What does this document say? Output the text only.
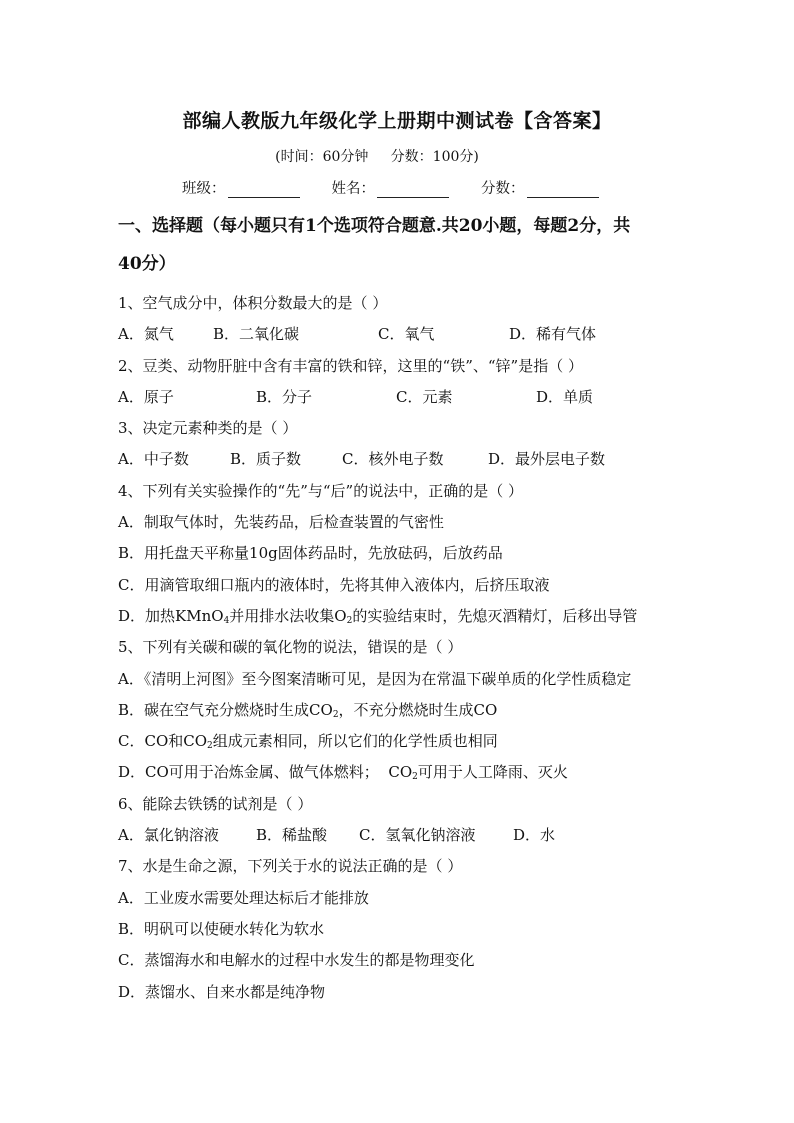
部编人教版九年级化学上册期中测试卷【含答案】
(时间：60分钟     分数：100分)
班级：	姓名：	分数：
一、选择题（每小题只有1个选项符合题意.共20小题，每题2分，共
40分）
1、空气成分中，体积分数最大的是（ ）
A．氮气	B．二氧化碳	C．氧气	D．稀有气体
2、豆类、动物肝脏中含有丰富的铁和锌，这里的“铁”、“锌”是指（ ）
A．原子	B．分子	C．元素	D．单质
3、决定元素种类的是（ ）
A．中子数	B．质子数	C．核外电子数	D．最外层电子数
4、下列有关实验操作的“先”与“后”的说法中，正确的是（ ）
A．制取气体时，先装药品，后检查装置的气密性
B．用托盘天平称量10g固体药品时，先放砝码，后放药品
C．用滴管取细口瓶内的液体时，先将其伸入液体内，后挤压取液
D．加热KMnO$_4$并用排水法收集$O_2$的实验结束时，先熄灭酒精灯，后移出导管
5、下列有关碳和碳的氧化物的说法，错误的是（ ）
A．《清明上河图》至今图案清晰可见，是因为在常温下碳单质的化学性质稳定
B．碳在空气充分燃烧时生成$CO_2$，不充分燃烧时生成CO
C．CO和$CO_2$组成元素相同，所以它们的化学性质也相同
D．CO可用于冶炼金属、做气体燃料；  $CO_2$可用于人工降雨、灭火
6、能除去铁锈的试剂是（ ）
A．氯化钠溶液	B．稀盐酸	C．氢氧化钠溶液	D．水
7、水是生命之源，下列关于水的说法正确的是（ ）
A．工业废水需要处理达标后才能排放
B．明矾可以使硬水转化为软水
C．蒸馏海水和电解水的过程中水发生的都是物理变化
D．蒸馏水、自来水都是纯净物
